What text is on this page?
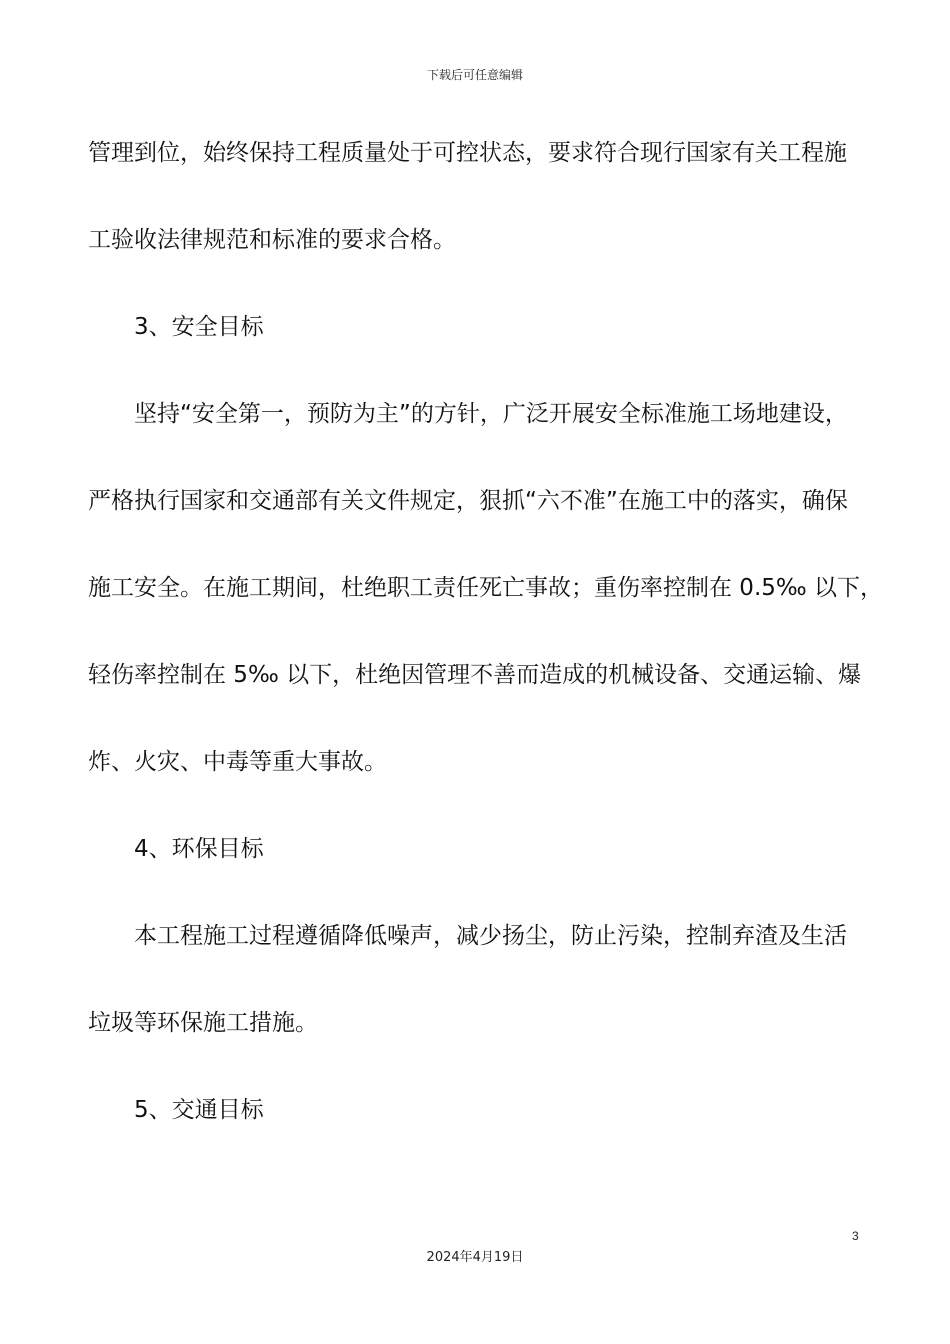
下载后可任意编辑
管理到位，始终保持工程质量处于可控状态，要求符合现行国家有关工程施
工验收法律规范和标准的要求合格。
3、安全目标
坚持“安全第一，预防为主”的方针，广泛开展安全标准施工场地建设，
严格执行国家和交通部有关文件规定，狠抓“六不准”在施工中的落实，确保
施工安全。在施工期间，杜绝职工责任死亡事故；重伤率控制在 0.5‰ 以下，
轻伤率控制在 5‰ 以下，杜绝因管理不善而造成的机械设备、交通运输、爆
炸、火灾、中毒等重大事故。
4、环保目标
本工程施工过程遵循降低噪声，减少扬尘，防止污染，控制弃渣及生活
垃圾等环保施工措施。
5、交通目标
3
2024年4月19日
